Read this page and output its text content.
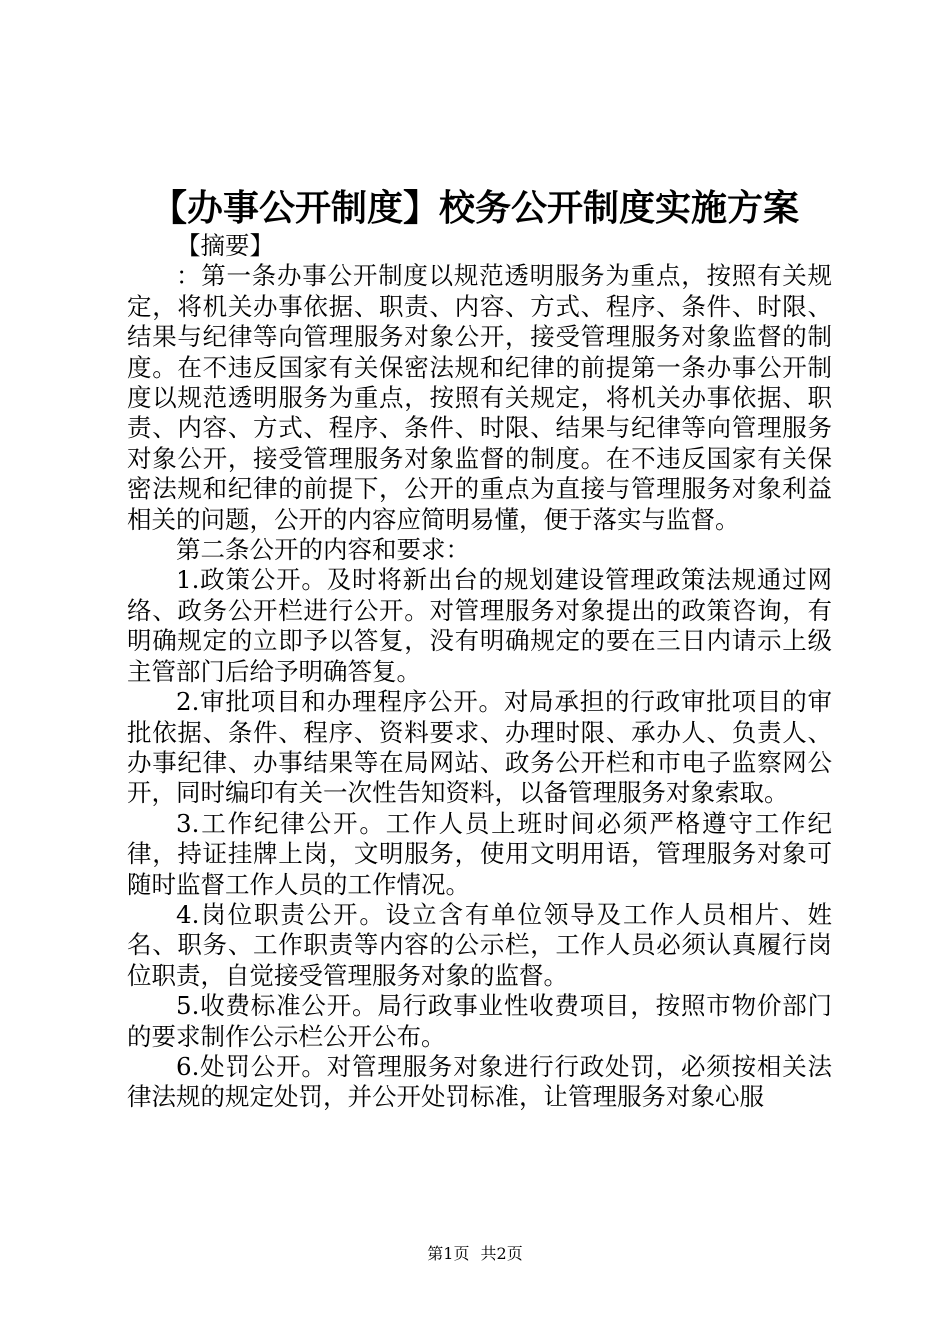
【办事公开制度】校务公开制度实施方案

【摘要】

：第一条办事公开制度以规范透明服务为重点，按照有关规定，将机关办事依据、职责、内容、方式、程序、条件、时限、结果与纪律等向管理服务对象公开，接受管理服务对象监督的制度。在不违反国家有关保密法规和纪律的前提第一条办事公开制度以规范透明服务为重点，按照有关规定，将机关办事依据、职责、内容、方式、程序、条件、时限、结果与纪律等向管理服务对象公开，接受管理服务对象监督的制度。在不违反国家有关保密法规和纪律的前提下，公开的重点为直接与管理服务对象利益相关的问题，公开的内容应简明易懂，便于落实与监督。

第二条公开的内容和要求：

1.政策公开。及时将新出台的规划建设管理政策法规通过网络、政务公开栏进行公开。对管理服务对象提出的政策咨询，有明确规定的立即予以答复，没有明确规定的要在三日内请示上级主管部门后给予明确答复。

2.审批项目和办理程序公开。对局承担的行政审批项目的审批依据、条件、程序、资料要求、办理时限、承办人、负责人、办事纪律、办事结果等在局网站、政务公开栏和市电子监察网公开，同时编印有关一次性告知资料，以备管理服务对象索取。

3.工作纪律公开。工作人员上班时间必须严格遵守工作纪律，持证挂牌上岗，文明服务，使用文明用语，管理服务对象可随时监督工作人员的工作情况。

4.岗位职责公开。设立含有单位领导及工作人员相片、姓名、职务、工作职责等内容的公示栏，工作人员必须认真履行岗位职责，自觉接受管理服务对象的监督。

5.收费标准公开。局行政事业性收费项目，按照市物价部门的要求制作公示栏公开公布。

6.处罚公开。对管理服务对象进行行政处罚，必须按相关法律法规的规定处罚，并公开处罚标准，让管理服务对象心服

第1页 共2页
